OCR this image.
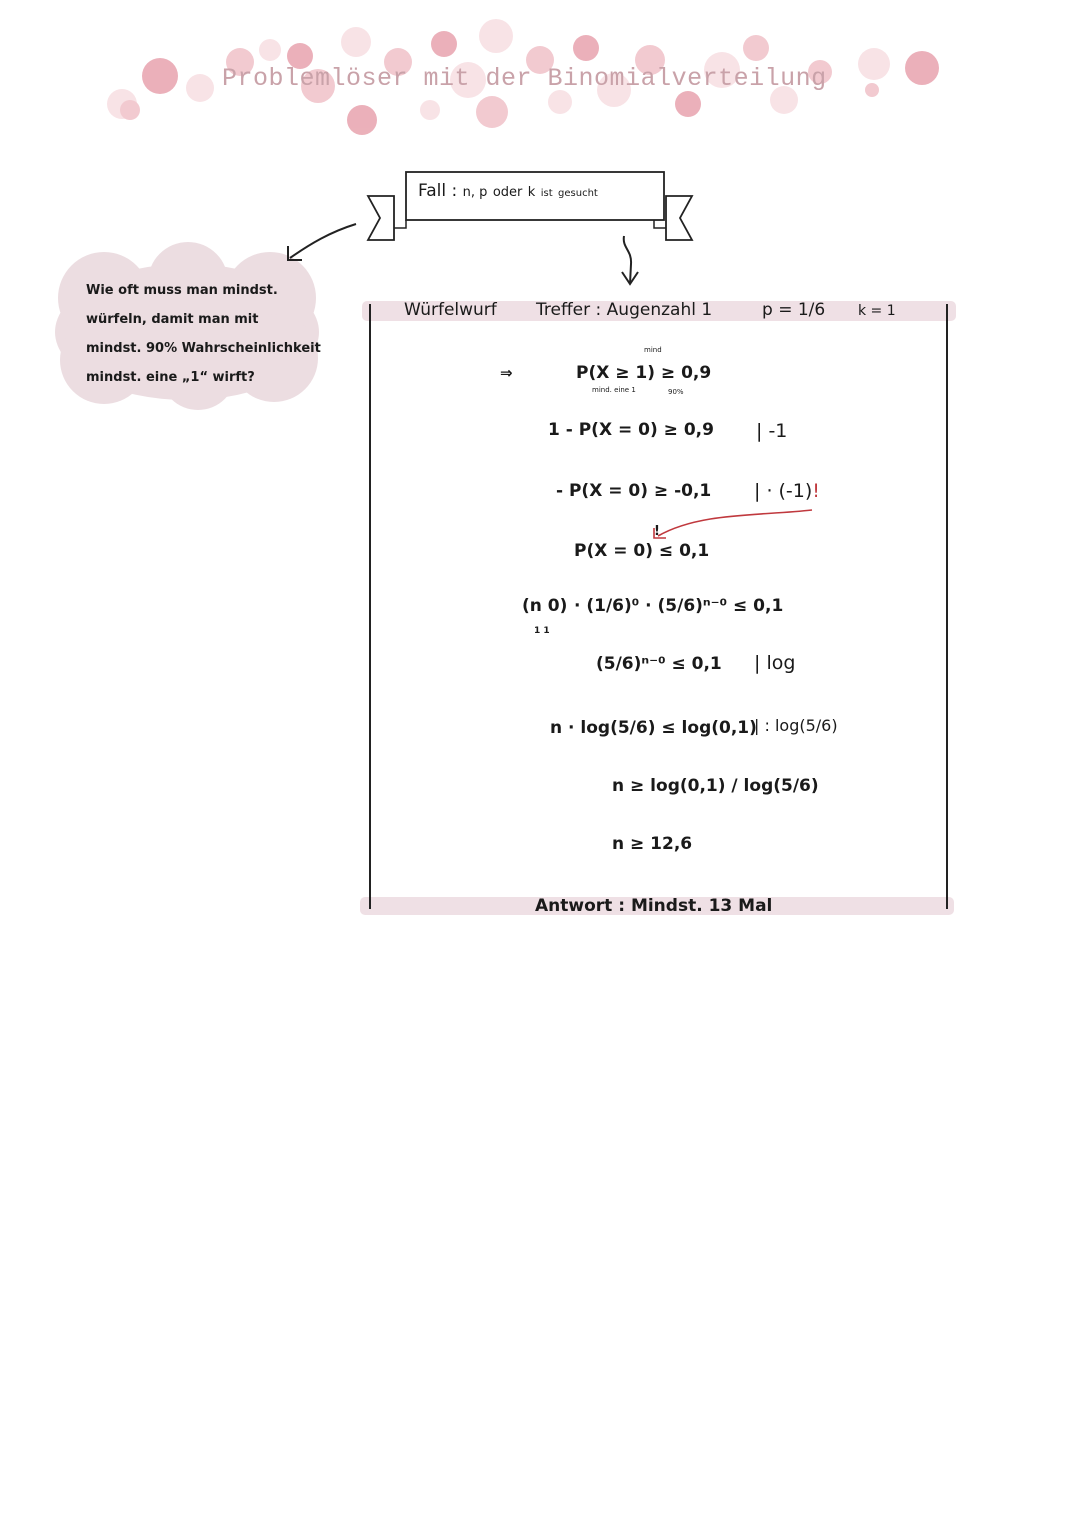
Problemlöser mit der Binomialverteilung
Wie oft muss man mindst.
würfeln, damit man mit
mindst. 90% Wahrscheinlichkeit
mindst. eine „1“ wirft?
Fall : n, p oder k ist gesucht
Würfelwurf Treffer : Augenzahl 1	p = 1/6 k = 1
⇒
mind
P(X ≥ 1) ≥ 0,9
mind. eine 1	90%
1 - P(X = 0) ≥ 0,9 | -1
- P(X = 0) ≥ -0,1 | · (-1)!
!
P(X = 0) ≤ 0,1
(n 0) · (1/6)⁰ · (5/6)ⁿ⁻⁰ ≤ 0,1
1 1
(5/6)ⁿ⁻⁰ ≤ 0,1 | log
n · log(5/6) ≤ log(0,1)
| : log(5/6)
n ≥ log(0,1) / log(5/6)
n ≥ 12,6
Antwort : Mindst. 13 Mal
